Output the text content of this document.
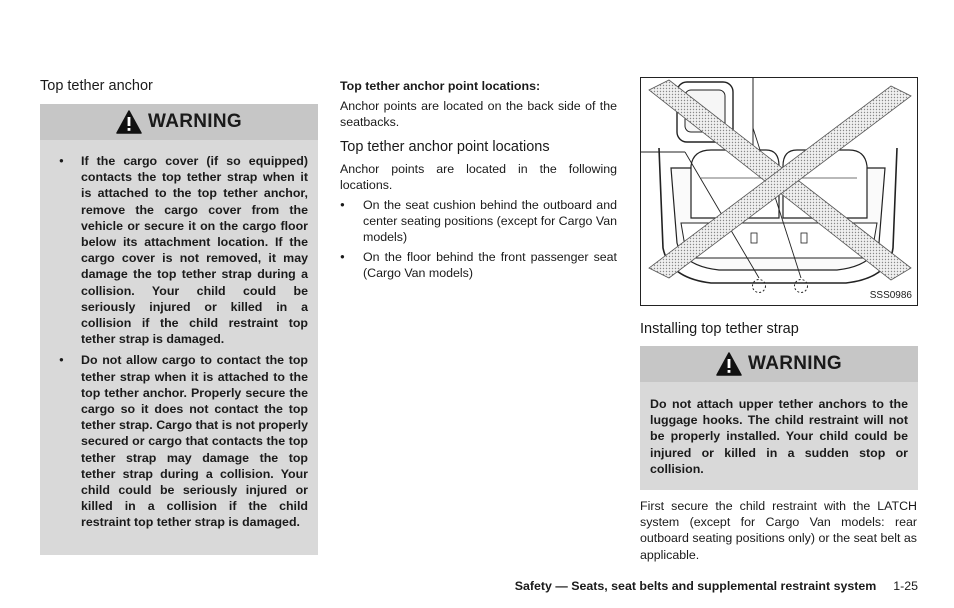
Top tether anchor
WARNING
● If the cargo cover (if so equipped) contacts the top tether strap when it is attached to the top tether anchor, remove the cargo cover from the vehicle or secure it on the cargo floor below its attachment location. If the cargo cover is not removed, it may damage the top tether strap during a collision. Your child could be seriously injured or killed in a collision if the child restraint top tether strap is damaged.
● Do not allow cargo to contact the top tether strap when it is attached to the top tether anchor. Properly secure the cargo so it does not contact the top tether strap. Cargo that is not properly secured or cargo that contacts the top tether strap may damage the top tether strap during a collision. Your child could be seriously injured or killed in a collision if the child restraint top tether strap is damaged.

Top tether anchor point locations:

Anchor points are located on the back side of the seatbacks.

Top tether anchor point locations

Anchor points are located in the following locations.

● On the seat cushion behind the outboard and center seating positions (except for Cargo Van models)
● On the floor behind the front passenger seat (Cargo Van models)
SSS0986
Installing top tether strap
WARNING
Do not attach upper tether anchors to the luggage hooks. The child restraint will not be properly installed. Your child could be injured or killed in a sudden stop or collision.

First secure the child restraint with the LATCH system (except for Cargo Van models: rear outboard seating positions only) or the seat belt as applicable.

Safety — Seats, seat belts and supplemental restraint system 1-25
